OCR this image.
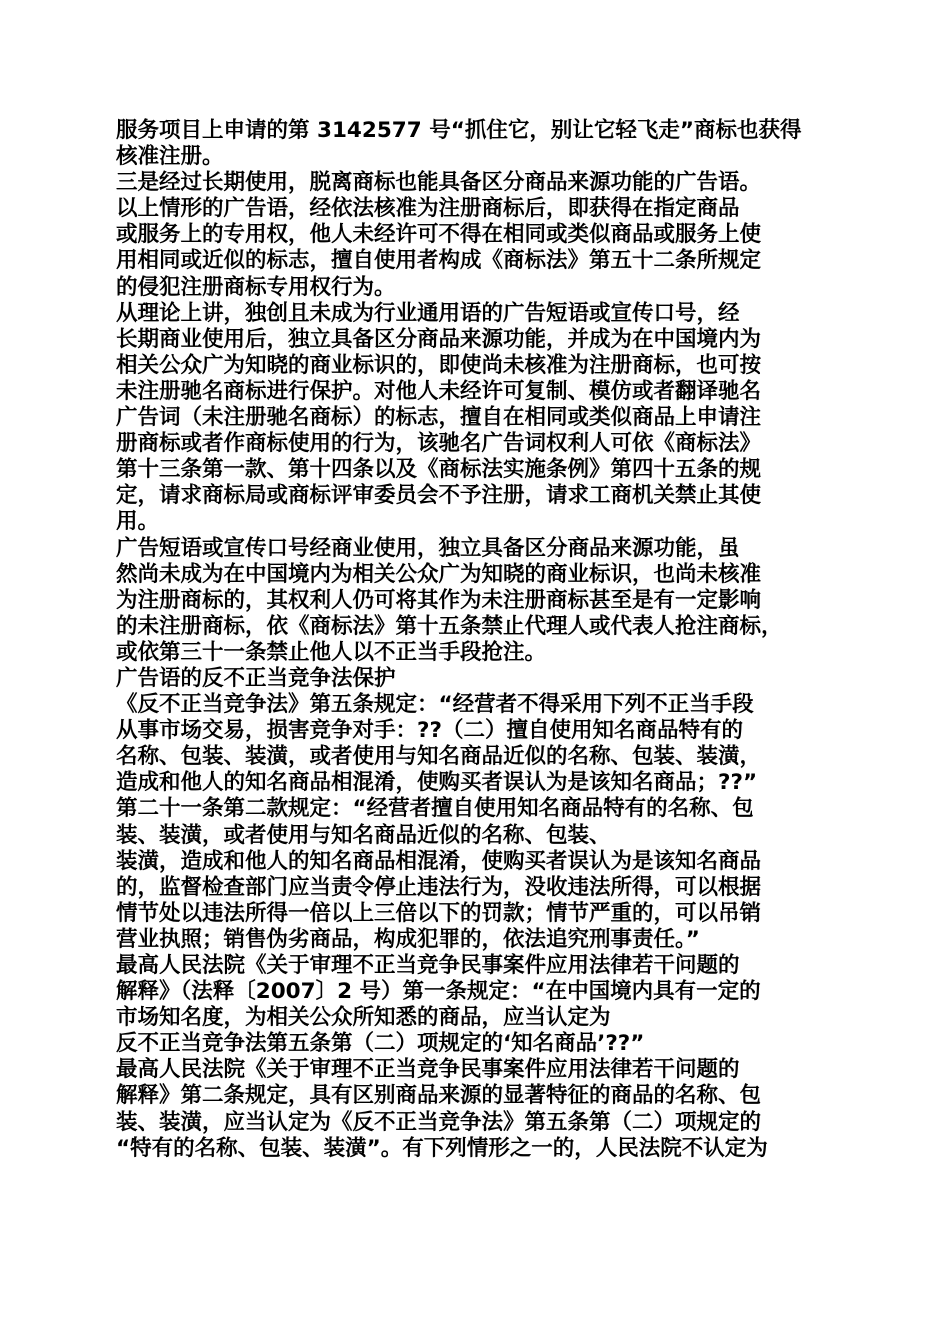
服务项目上申请的第 3142577 号“抓住它，别让它轻飞走”商标也获得
核准注册。
三是经过长期使用，脱离商标也能具备区分商品来源功能的广告语。
以上情形的广告语，经依法核准为注册商标后，即获得在指定商品
或服务上的专用权，他人未经许可不得在相同或类似商品或服务上使
用相同或近似的标志，擅自使用者构成《商标法》第五十二条所规定
的侵犯注册商标专用权行为。
从理论上讲，独创且未成为行业通用语的广告短语或宣传口号，经
长期商业使用后，独立具备区分商品来源功能，并成为在中国境内为
相关公众广为知晓的商业标识的，即使尚未核准为注册商标，也可按
未注册驰名商标进行保护。对他人未经许可复制、模仿或者翻译驰名
广告词（未注册驰名商标）的标志，擅自在相同或类似商品上申请注
册商标或者作商标使用的行为，该驰名广告词权利人可依《商标法》
第十三条第一款、第十四条以及《商标法实施条例》第四十五条的规
定，请求商标局或商标评审委员会不予注册，请求工商机关禁止其使
用。
广告短语或宣传口号经商业使用，独立具备区分商品来源功能，虽
然尚未成为在中国境内为相关公众广为知晓的商业标识，也尚未核准
为注册商标的，其权利人仍可将其作为未注册商标甚至是有一定影响
的未注册商标，依《商标法》第十五条禁止代理人或代表人抢注商标，
或依第三十一条禁止他人以不正当手段抢注。
广告语的反不正当竞争法保护
《反不正当竞争法》第五条规定：“经营者不得采用下列不正当手段
从事市场交易，损害竞争对手：??（二）擅自使用知名商品特有的
名称、包装、装潢，或者使用与知名商品近似的名称、包装、装潢，
造成和他人的知名商品相混淆，使购买者误认为是该知名商品；??”
第二十一条第二款规定：“经营者擅自使用知名商品特有的名称、包
装、装潢，或者使用与知名商品近似的名称、包装、
装潢，造成和他人的知名商品相混淆，使购买者误认为是该知名商品
的，监督检查部门应当责令停止违法行为，没收违法所得，可以根据
情节处以违法所得一倍以上三倍以下的罚款；情节严重的，可以吊销
营业执照；销售伪劣商品，构成犯罪的，依法追究刑事责任。”
最高人民法院《关于审理不正当竞争民事案件应用法律若干问题的
解释》（法释〔2007〕2 号）第一条规定：“在中国境内具有一定的
市场知名度，为相关公众所知悉的商品，应当认定为
反不正当竞争法第五条第（二）项规定的‘知名商品’??”
最高人民法院《关于审理不正当竞争民事案件应用法律若干问题的
解释》第二条规定，具有区别商品来源的显著特征的商品的名称、包
装、装潢，应当认定为《反不正当竞争法》第五条第（二）项规定的
“特有的名称、包装、装潢”。有下列情形之一的，人民法院不认定为
